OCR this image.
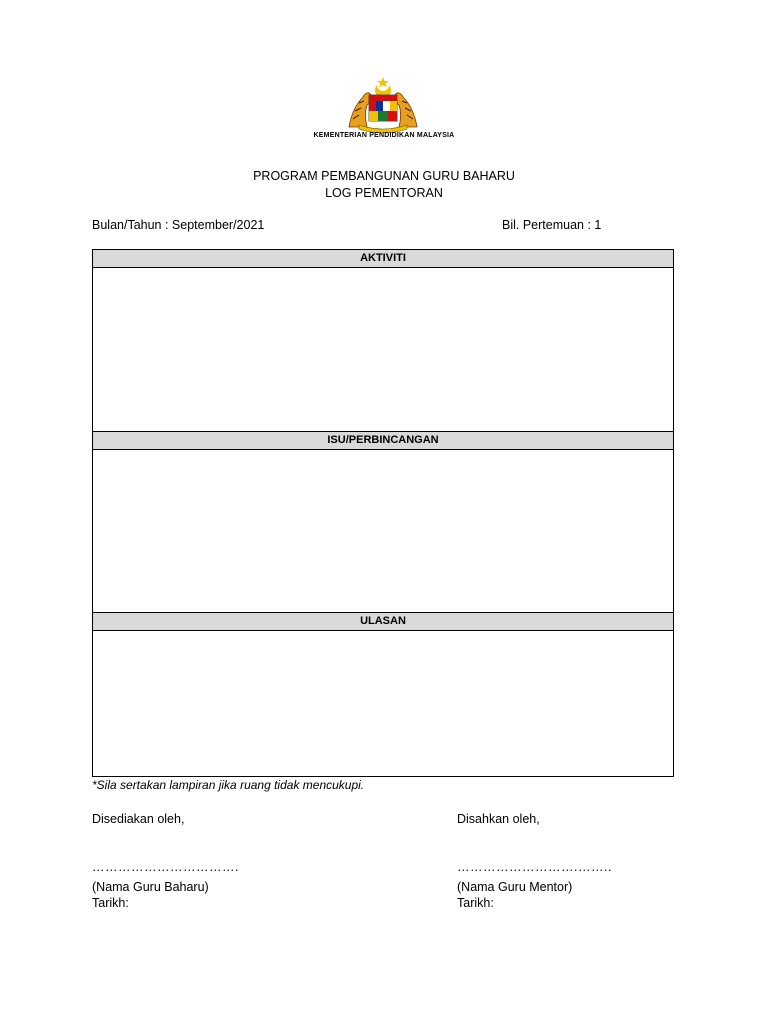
KEMENTERIAN PENDIDIKAN MALAYSIA
PROGRAM PEMBANGUNAN GURU BAHARU
LOG PEMENTORAN
Bulan/Tahun : September/2021	Bil. Pertemuan : 1
AKTIVITI
ISU/PERBINCANGAN
ULASAN
*Sila sertakan lampiran jika ruang tidak mencukupi.
Disediakan oleh,
…………………………….
(Nama Guru Baharu)
Tarikh:
Disahkan oleh,
……………………….……..
(Nama Guru Mentor)
Tarikh:
